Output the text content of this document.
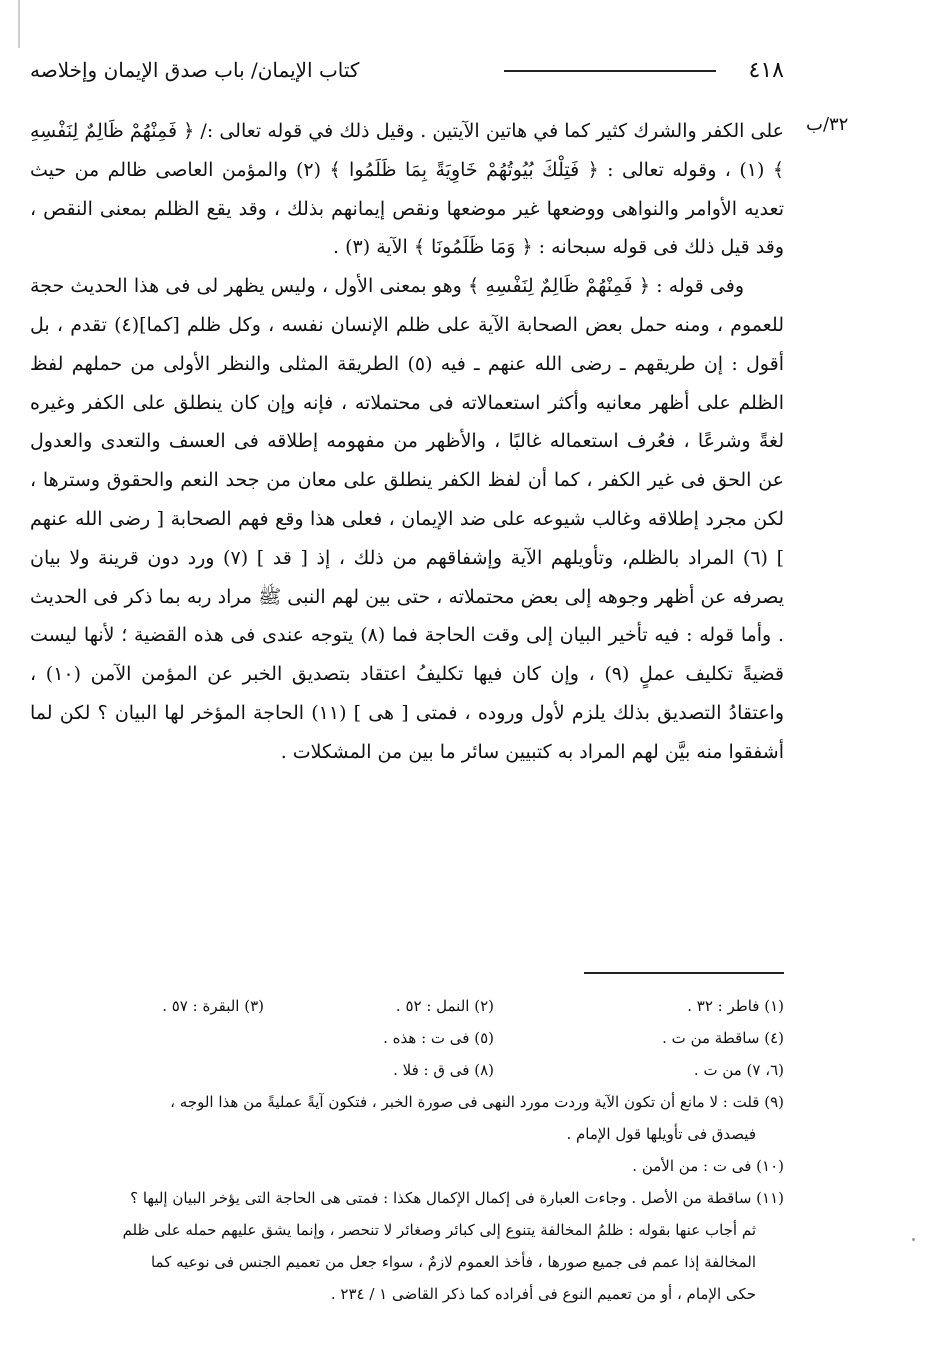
٤١٨
كتاب الإيمان/ باب صدق الإيمان وإخلاصه
٣٢/ب

على الكفر والشرك كثير كما في هاتين الآيتين . وقيل ذلك في قوله تعالى :/ ﴿ فَمِنْهُمْ ظَالِمٌ لِنَفْسِهِ ﴾ (١) ، وقوله تعالى : ﴿ فَتِلْكَ بُيُوتُهُمْ خَاوِيَةً بِمَا ظَلَمُوا ﴾ (٢) والمؤمن العاصى ظالم من حيث تعديه الأوامر والنواهى ووضعها غير موضعها ونقص إيمانهم بذلك ، وقد يقع الظلم بمعنى النقص ، وقد قيل ذلك فى قوله سبحانه : ﴿ وَمَا ظَلَمُونَا ﴾ الآية (٣) .

وفى قوله : ﴿ فَمِنْهُمْ ظَالِمٌ لِنَفْسِهِ ﴾ وهو بمعنى الأول ، وليس يظهر لى فى هذا الحديث حجة للعموم ، ومنه حمل بعض الصحابة الآية على ظلم الإنسان نفسه ، وكل ظلم [كما](٤) تقدم ، بل أقول : إن طريقهم ـ رضى الله عنهم ـ فيه (٥) الطريقة المثلى والنظر الأولى من حملهم لفظ الظلم على أظهر معانيه وأكثر استعمالاته فى محتملاته ، فإنه وإن كان ينطلق على الكفر وغيره لغةً وشرعًا ، فعُرف استعماله غالبًا ، والأظهر من مفهومه إطلاقه فى العسف والتعدى والعدول عن الحق فى غير الكفر ، كما أن لفظ الكفر ينطلق على معان من جحد النعم والحقوق وسترها ، لكن مجرد إطلاقه وغالب شيوعه على ضد الإيمان ، فعلى هذا وقع فهم الصحابة [ رضى الله عنهم ] (٦) المراد بالظلم، وتأويلهم الآية وإشفاقهم من ذلك ، إذ [ قد ] (٧) ورد دون قرينة ولا بيان يصرفه عن أظهر وجوهه إلى بعض محتملاته ، حتى بين لهم النبى ﷺ مراد ربه بما ذكر فى الحديث . وأما قوله : فيه تأخير البيان إلى وقت الحاجة فما (٨) يتوجه عندى فى هذه القضية ؛ لأنها ليست قضيةً تكليف عملٍ (٩) ، وإن كان فيها تكليفُ اعتقاد بتصديق الخبر عن المؤمن الآمن (١٠) ، واعتقادُ التصديق بذلك يلزم لأول وروده ، فمتى [ هى ] (١١) الحاجة المؤخر لها البيان ؟ لكن لما أشفقوا منه بيَّن لهم المراد به كتبيين سائر ما بين من المشكلات .

(١) فاطر : ٣٢ .
(٢) النمل : ٥٢ .
(٣) البقرة : ٥٧ .
(٤) ساقطة من ت .
(٥) فى ت : هذه .
(٦، ٧) من ت .
(٨) فى ق : فلا .
(٩) قلت : لا مانع أن تكون الآية وردت مورد النهى فى صورة الخبر ، فتكون آيةً عمليةً من هذا الوجه ،
فيصدق فى تأويلها قول الإمام .
(١٠) فى ت : من الأمن .
(١١) ساقطة من الأصل . وجاءت العبارة فى إكمال الإكمال هكذا : فمتى هى الحاجة التى يؤخر البيان إليها ؟
ثم أجاب عنها بقوله : ظلمُ المخالفة يتنوع إلى كبائر وصغائر لا تنحصر ، وإنما يشق عليهم حمله على ظلم
المخالفة إذا عمم فى جميع صورها ، فأخذ العموم لازمٌ ، سواء جعل من تعميم الجنس فى نوعيه كما
حكى الإمام ، أو من تعميم النوع فى أفراده كما ذكر القاضى ١ / ٢٣٤ .
